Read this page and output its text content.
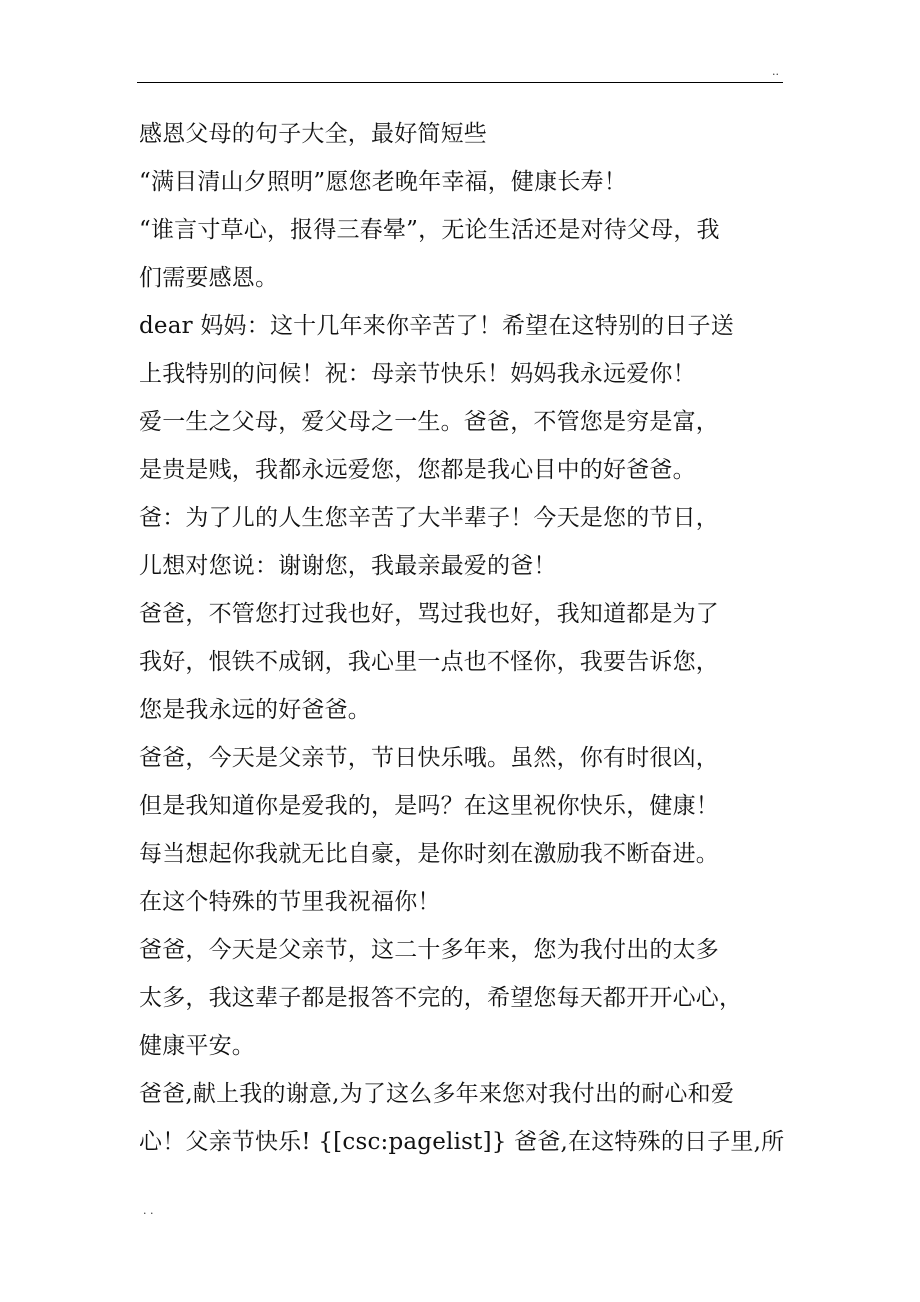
..
感恩父母的句子大全，最好简短些
“满目清山夕照明”愿您老晚年幸福，健康长寿！
“谁言寸草心，报得三春晕”，无论生活还是对待父母，我
们需要感恩。
dear 妈妈：这十几年来你辛苦了！希望在这特别的日子送
上我特别的问候！祝：母亲节快乐！妈妈我永远爱你！
爱一生之父母，爱父母之一生。爸爸，不管您是穷是富，
是贵是贱，我都永远爱您，您都是我心目中的好爸爸。
爸：为了儿的人生您辛苦了大半辈子！今天是您的节日，
儿想对您说：谢谢您，我最亲最爱的爸！
爸爸，不管您打过我也好，骂过我也好，我知道都是为了
我好，恨铁不成钢，我心里一点也不怪你，我要告诉您，
您是我永远的好爸爸。
爸爸，今天是父亲节，节日快乐哦。虽然，你有时很凶，
但是我知道你是爱我的，是吗？在这里祝你快乐，健康！
每当想起你我就无比自豪，是你时刻在激励我不断奋进。
在这个特殊的节里我祝福你！
爸爸，今天是父亲节，这二十多年来，您为我付出的太多
太多，我这辈子都是报答不完的，希望您每天都开开心心，
健康平安。
爸爸,献上我的谢意,为了这么多年来您对我付出的耐心和爱
心！父亲节快乐! {[csc:pagelist]} 爸爸,在这特殊的日子里,所
. .
